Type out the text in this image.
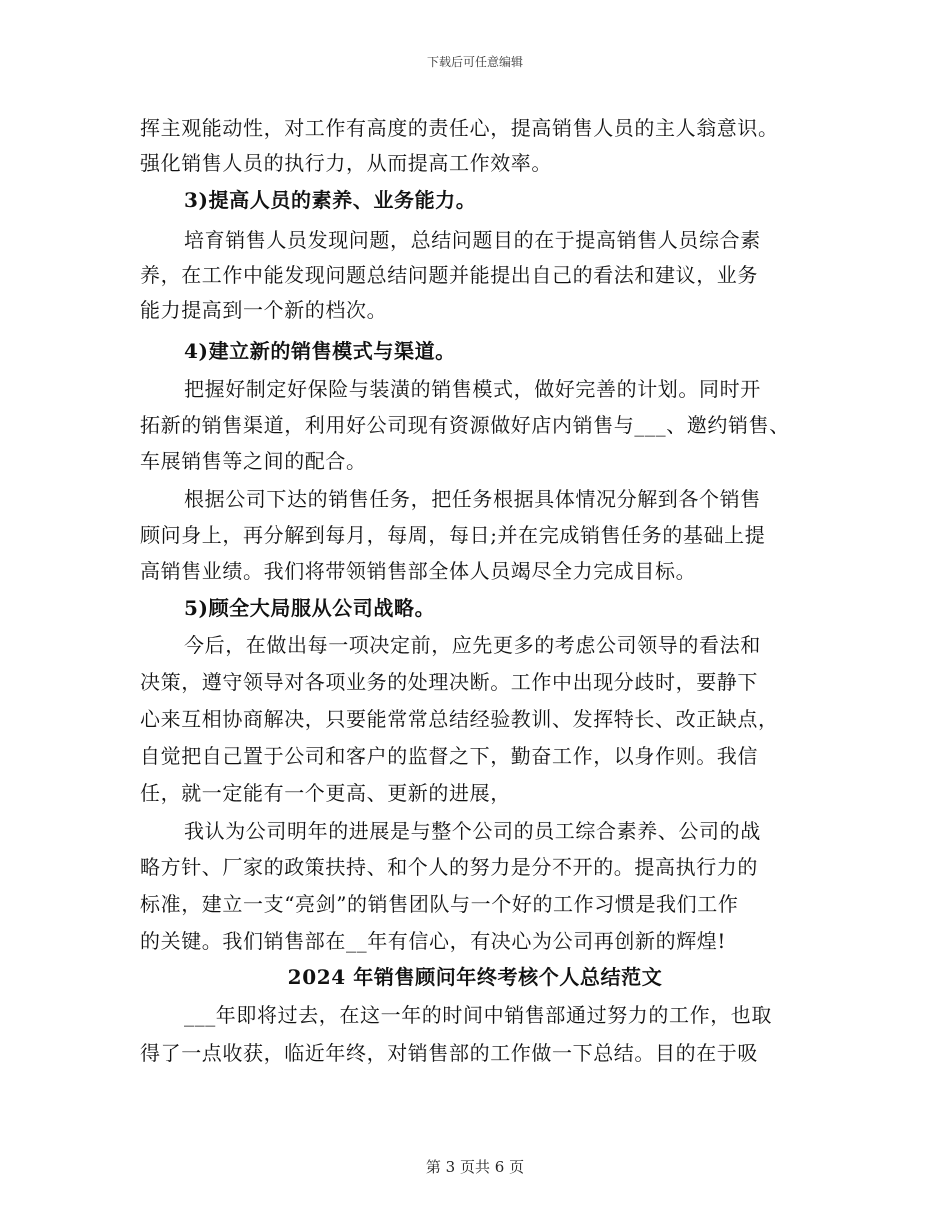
下载后可任意编辑
挥主观能动性，对工作有高度的责任心，提高销售人员的主人翁意识。
强化销售人员的执行力，从而提高工作效率。
3)提高人员的素养、业务能力。
培育销售人员发现问题，总结问题目的在于提高销售人员综合素
养，在工作中能发现问题总结问题并能提出自己的看法和建议，业务
能力提高到一个新的档次。
4)建立新的销售模式与渠道。
把握好制定好保险与装潢的销售模式，做好完善的计划。同时开
拓新的销售渠道，利用好公司现有资源做好店内销售与___、邀约销售、
车展销售等之间的配合。
根据公司下达的销售任务，把任务根据具体情况分解到各个销售
顾问身上，再分解到每月，每周，每日;并在完成销售任务的基础上提
高销售业绩。我们将带领销售部全体人员竭尽全力完成目标。
5)顾全大局服从公司战略。
今后，在做出每一项决定前，应先更多的考虑公司领导的看法和
决策，遵守领导对各项业务的处理决断。工作中出现分歧时，要静下
心来互相协商解决，只要能常常总结经验教训、发挥特长、改正缺点，
自觉把自己置于公司和客户的监督之下，勤奋工作，以身作则。我信
任，就一定能有一个更高、更新的进展，
我认为公司明年的进展是与整个公司的员工综合素养、公司的战
略方针、厂家的政策扶持、和个人的努力是分不开的。提高执行力的
标准，建立一支“亮剑”的销售团队与一个好的工作习惯是我们工作
的关键。我们销售部在__年有信心，有决心为公司再创新的辉煌!
2024 年销售顾问年终考核个人总结范文
___年即将过去，在这一年的时间中销售部通过努力的工作，也取
得了一点收获，临近年终，对销售部的工作做一下总结。目的在于吸
第 3 页共 6 页
